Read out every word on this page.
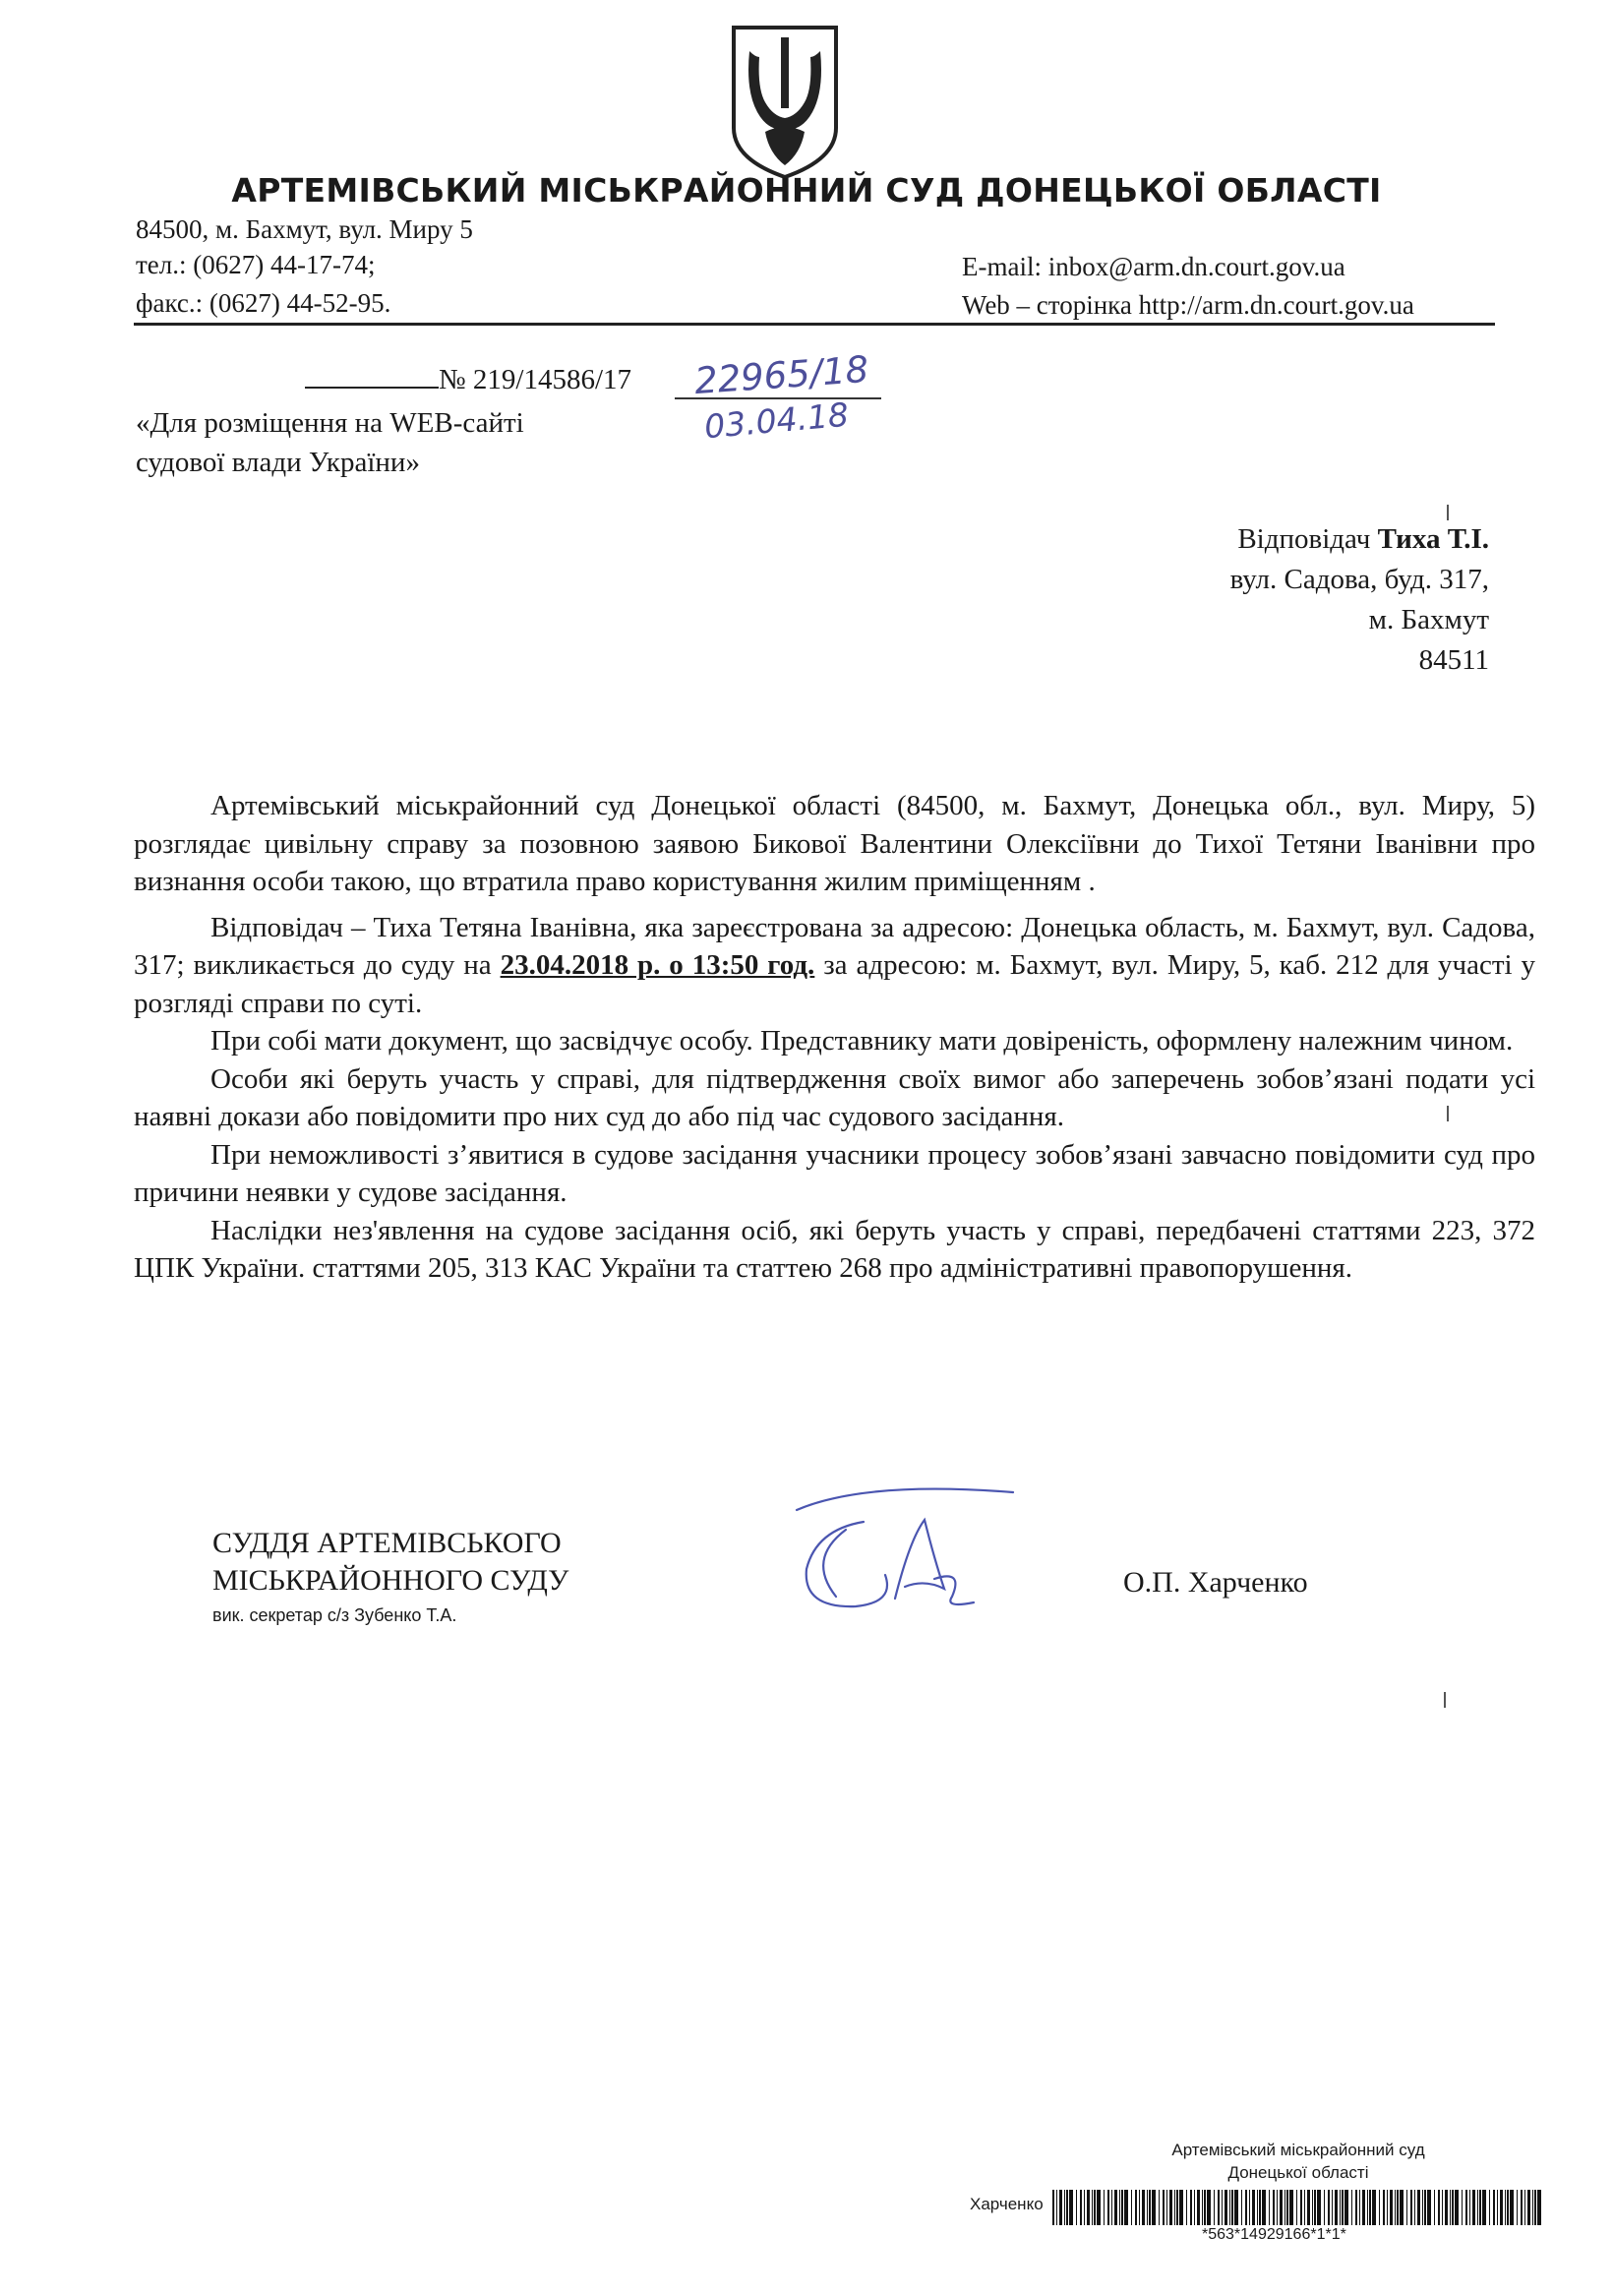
АРТЕМІВСЬКИЙ МІСЬКРАЙОННИЙ СУД ДОНЕЦЬКОЇ ОБЛАСТІ
84500, м. Бахмут, вул. Миру 5
тел.: (0627) 44-17-74;
факс.: (0627) 44-52-95.
E-mail: inbox@arm.dn.court.gov.ua
Web – сторінка http://arm.dn.court.gov.ua
№ 219/14586/17 22965/18
03.04.18
«Для розміщення на WEB-сайті
судової влади України»
Відповідач Тиха Т.І.
вул. Садова, буд. 317,
м. Бахмут
84511

Артемівський міськрайонний суд Донецької області (84500, м. Бахмут, Донецька обл., вул. Миру, 5) розглядає цивільну справу за позовною заявою Бикової Валентини Олексіївни до Тихої Тетяни Іванівни про визнання особи такою, що втратила право користування жилим приміщенням .

Відповідач – Тиха Тетяна Іванівна, яка зареєстрована за адресою: Донецька область, м. Бахмут, вул. Садова, 317; викликається до суду на 23.04.2018 р. о 13:50 год. за адресою: м. Бахмут, вул. Миру, 5, каб. 212 для участі у розгляді справи по суті.

При собі мати документ, що засвідчує особу. Представнику мати довіреність, оформлену належним чином.

Особи які беруть участь у справі, для підтвердження своїх вимог або заперечень зобов’язані подати усі наявні докази або повідомити про них суд до або під час судового засідання.

При неможливості з’явитися в судове засідання учасники процесу зобов’язані завчасно повідомити суд про причини неявки у судове засідання.

Наслідки нез'явлення на судове засідання осіб, які беруть участь у справі, передбачені статтями 223, 372 ЦПК України. статтями 205, 313 КАС України та статтею 268 про адміністративні правопорушення.

СУДДЯ АРТЕМІВСЬКОГО
МІСЬКРАЙОННОГО СУДУ
вик. секретар с/з Зубенко Т.А.
О.П. Харченко
Артемівський міськрайонний суд
Донецької області
Харченко
*563*14929166*1*1*
